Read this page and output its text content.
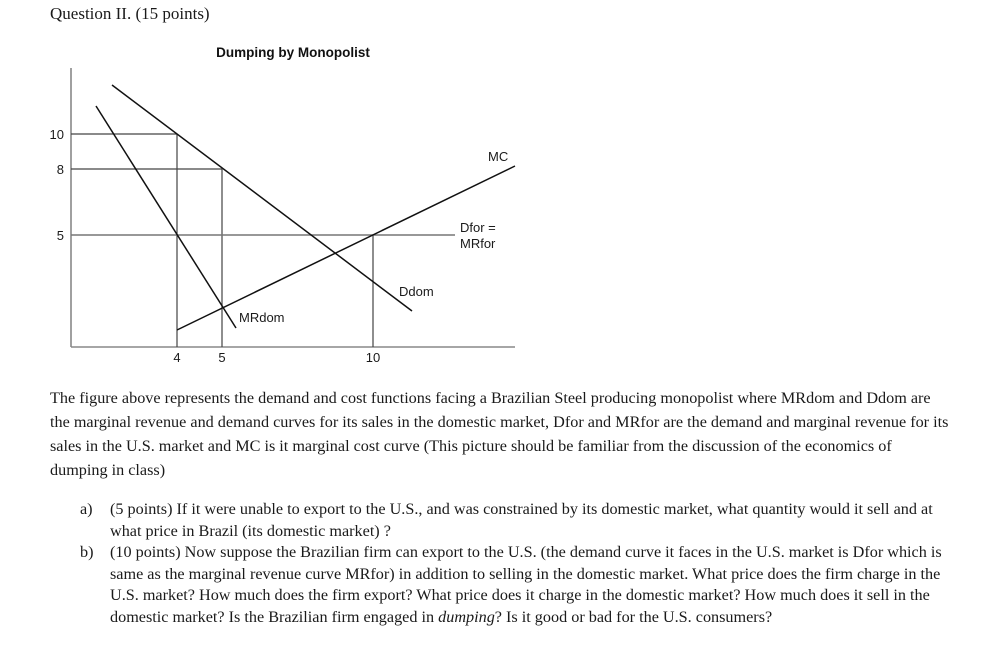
Question II. (15 points)
Dumping by Monopolist
10
8
5
4	5	10
MC
Dfor =
MRfor
Ddom
MRdom
The figure above represents the demand and cost functions facing a Brazilian Steel producing monopolist where MRdom and Ddom are the marginal revenue and demand curves for its sales in the domestic market, Dfor and MRfor are the demand and marginal revenue for its sales in the U.S. market and MC is it marginal cost curve (This picture should be familiar from the discussion of the economics of dumping in class)
a)	(5 points) If it were unable to export to the U.S., and was constrained by its domestic market, what quantity would it sell and at what price in Brazil (its domestic market) ?
b)	(10 points) Now suppose the Brazilian firm can export to the U.S. (the demand curve it faces in the U.S. market is Dfor which is same as the marginal revenue curve MRfor) in addition to selling in the domestic market. What price does the firm charge in the U.S. market? How much does the firm export? What price does it charge in the domestic market? How much does it sell in the domestic market? Is the Brazilian firm engaged in dumping? Is it good or bad for the U.S. consumers?
